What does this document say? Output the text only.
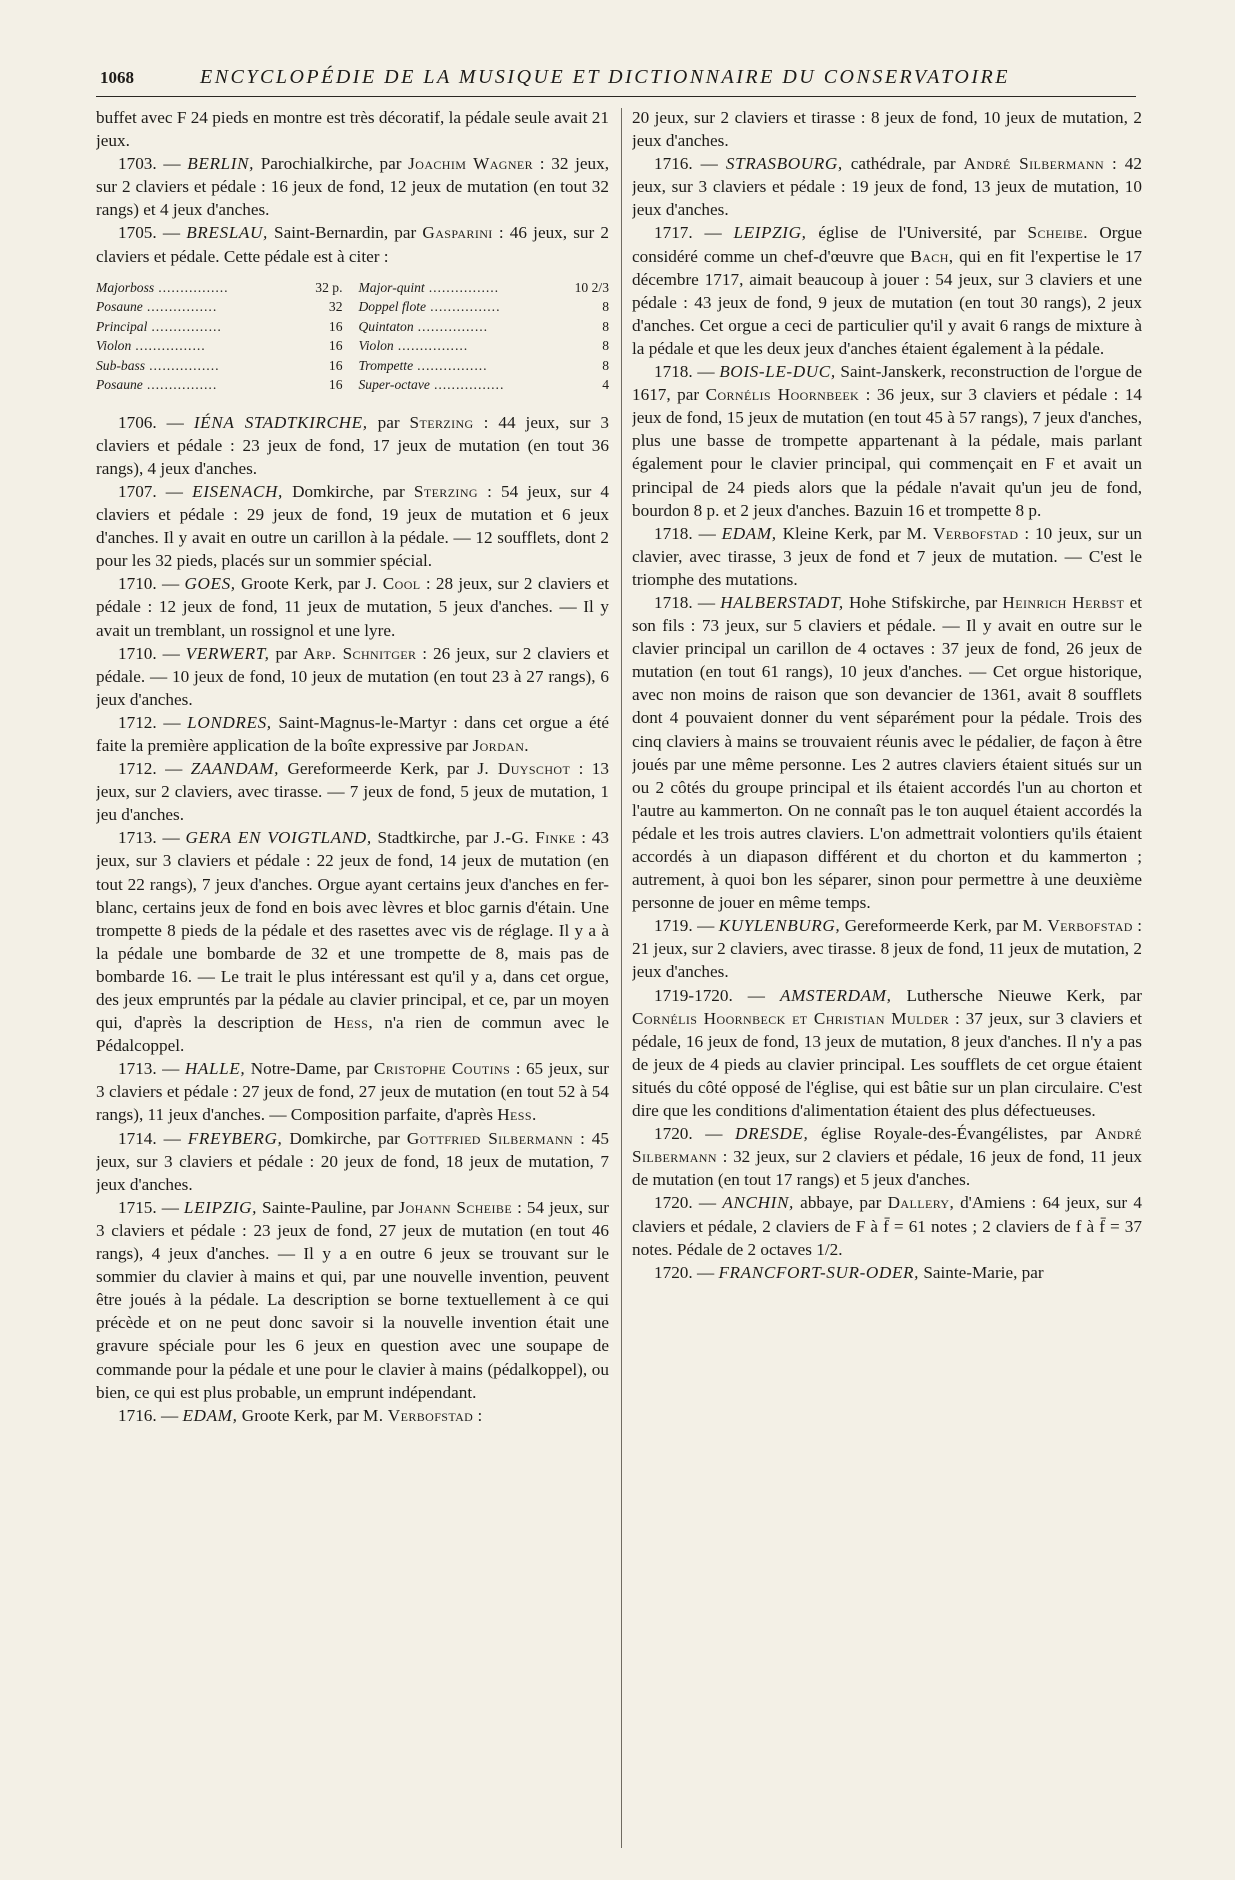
1068	ENCYCLOPÉDIE DE LA MUSIQUE ET DICTIONNAIRE DU CONSERVATOIRE

buffet avec F 24 pieds en montre est très décoratif, la pédale seule avait 21 jeux.

1703. — BERLIN, Parochialkirche, par Joachim Wagner : 32 jeux, sur 2 claviers et pédale : 16 jeux de fond, 12 jeux de mutation (en tout 32 rangs) et 4 jeux d'anches.

1705. — BRESLAU, Saint-Bernardin, par Gasparini : 46 jeux, sur 2 claviers et pédale. Cette pédale est à citer :

Majorboss .....	32 p.	Major-quint .....	10 2/3
Posaune .....	32	Doppel flote .....	8
Principal .....	16	Quintaton .....	8
Violon .....	16	Violon .....	8
Sub-bass .....	16	Trompette .....	8
Posaune .....	16	Super-octave .....	4

1706. — IÉNA STADTKIRCHE, par Sterzing : 44 jeux, sur 3 claviers et pédale : 23 jeux de fond, 17 jeux de mutation (en tout 36 rangs), 4 jeux d'anches.

1707. — EISENACH, Domkirche, par Sterzing : 54 jeux, sur 4 claviers et pédale : 29 jeux de fond, 19 jeux de mutation et 6 jeux d'anches. Il y avait en outre un carillon à la pédale. — 12 soufflets, dont 2 pour les 32 pieds, placés sur un sommier spécial.

1710. — GOES, Groote Kerk, par J. Cool : 28 jeux, sur 2 claviers et pédale : 12 jeux de fond, 11 jeux de mutation, 5 jeux d'anches. — Il y avait un tremblant, un rossignol et une lyre.

1710. — VERWERT, par Arp. Schnitger : 26 jeux, sur 2 claviers et pédale. — 10 jeux de fond, 10 jeux de mutation (en tout 23 à 27 rangs), 6 jeux d'anches.

1712. — LONDRES, Saint-Magnus-le-Martyr : dans cet orgue a été faite la première application de la boîte expressive par Jordan.

1712. — ZAANDAM, Gereformeerde Kerk, par J. Duyschot : 13 jeux, sur 2 claviers, avec tirasse. — 7 jeux de fond, 5 jeux de mutation, 1 jeu d'anches.

1713. — GERA EN VOIGTLAND, Stadtkirche, par J.-G. Finke : 43 jeux, sur 3 claviers et pédale : 22 jeux de fond, 14 jeux de mutation (en tout 22 rangs), 7 jeux d'anches. Orgue ayant certains jeux d'anches en fer-blanc, certains jeux de fond en bois avec lèvres et bloc garnis d'étain. Une trompette 8 pieds de la pédale et des rasettes avec vis de réglage. Il y a à la pédale une bombarde de 32 et une trompette de 8, mais pas de bombarde 16. — Le trait le plus intéressant est qu'il y a, dans cet orgue, des jeux empruntés par la pédale au clavier principal, et ce, par un moyen qui, d'après la description de Hess, n'a rien de commun avec le Pédalcoppel.

1713. — HALLE, Notre-Dame, par Cristophe Coutins : 65 jeux, sur 3 claviers et pédale : 27 jeux de fond, 27 jeux de mutation (en tout 52 à 54 rangs), 11 jeux d'anches. — Composition parfaite, d'après Hess.

1714. — FREYBERG, Domkirche, par Gottfried Silbermann : 45 jeux, sur 3 claviers et pédale : 20 jeux de fond, 18 jeux de mutation, 7 jeux d'anches.

1715. — LEIPZIG, Sainte-Pauline, par Johann Scheibe : 54 jeux, sur 3 claviers et pédale : 23 jeux de fond, 27 jeux de mutation (en tout 46 rangs), 4 jeux d'anches. — Il y a en outre 6 jeux se trouvant sur le sommier du clavier à mains et qui, par une nouvelle invention, peuvent être joués à la pédale. La description se borne textuellement à ce qui précède et on ne peut donc savoir si la nouvelle invention était une gravure spéciale pour les 6 jeux en question avec une soupape de commande pour la pédale et une pour le clavier à mains (pédalkoppel), ou bien, ce qui est plus probable, un emprunt indépendant.

1716. — EDAM, Groote Kerk, par M. Verbofstad :

20 jeux, sur 2 claviers et tirasse : 8 jeux de fond, 10 jeux de mutation, 2 jeux d'anches.

1716. — STRASBOURG, cathédrale, par André Silbermann : 42 jeux, sur 3 claviers et pédale : 19 jeux de fond, 13 jeux de mutation, 10 jeux d'anches.

1717. — LEIPZIG, église de l'Université, par Scheibe. Orgue considéré comme un chef-d'œuvre que Bach, qui en fit l'expertise le 17 décembre 1717, aimait beaucoup à jouer : 54 jeux, sur 3 claviers et une pédale : 43 jeux de fond, 9 jeux de mutation (en tout 30 rangs), 2 jeux d'anches. Cet orgue a ceci de particulier qu'il y avait 6 rangs de mixture à la pédale et que les deux jeux d'anches étaient également à la pédale.

1718. — BOIS-LE-DUC, Saint-Janskerk, reconstruction de l'orgue de 1617, par Cornélis Hoornbeek : 36 jeux, sur 3 claviers et pédale : 14 jeux de fond, 15 jeux de mutation (en tout 45 à 57 rangs), 7 jeux d'anches, plus une basse de trompette appartenant à la pédale, mais parlant également pour le clavier principal, qui commençait en F et avait un principal de 24 pieds alors que la pédale n'avait qu'un jeu de fond, bourdon 8 p. et 2 jeux d'anches. Bazuin 16 et trompette 8 p.

1718. — EDAM, Kleine Kerk, par M. Verbofstad : 10 jeux, sur un clavier, avec tirasse, 3 jeux de fond et 7 jeux de mutation. — C'est le triomphe des mutations.

1718. — HALBERSTADT, Hohe Stifskirche, par Heinrich Herbst et son fils : 73 jeux, sur 5 claviers et pédale. — Il y avait en outre sur le clavier principal un carillon de 4 octaves : 37 jeux de fond, 26 jeux de mutation (en tout 61 rangs), 10 jeux d'anches. — Cet orgue historique, avec non moins de raison que son devancier de 1361, avait 8 soufflets dont 4 pouvaient donner du vent séparément pour la pédale. Trois des cinq claviers à mains se trouvaient réunis avec le pédalier, de façon à être joués par une même personne. Les 2 autres claviers étaient situés sur un ou 2 côtés du groupe principal et ils étaient accordés l'un au chorton et l'autre au kammerton. On ne connaît pas le ton auquel étaient accordés la pédale et les trois autres claviers. L'on admettrait volontiers qu'ils étaient accordés à un diapason différent et du chorton et du kammerton ; autrement, à quoi bon les séparer, sinon pour permettre à une deuxième personne de jouer en même temps.

1719. — KUYLENBURG, Gereformeerde Kerk, par M. Verbofstad : 21 jeux, sur 2 claviers, avec tirasse. 8 jeux de fond, 11 jeux de mutation, 2 jeux d'anches.

1719-1720. — AMSTERDAM, Luthersche Nieuwe Kerk, par Cornélis Hoornbeck et Christian Mulder : 37 jeux, sur 3 claviers et pédale, 16 jeux de fond, 13 jeux de mutation, 8 jeux d'anches. Il n'y a pas de jeux de 4 pieds au clavier principal. Les soufflets de cet orgue étaient situés du côté opposé de l'église, qui est bâtie sur un plan circulaire. C'est dire que les conditions d'alimentation étaient des plus défectueuses.

1720. — DRESDE, église Royale-des-Évangélistes, par André Silbermann : 32 jeux, sur 2 claviers et pédale, 16 jeux de fond, 11 jeux de mutation (en tout 17 rangs) et 5 jeux d'anches.

1720. — ANCHIN, abbaye, par Dallery, d'Amiens : 64 jeux, sur 4 claviers et pédale, 2 claviers de F à f̄ = 61 notes ; 2 claviers de f à f̄ = 37 notes. Pédale de 2 octaves 1/2.

1720. — FRANCFORT-SUR-ODER, Sainte-Marie, par
